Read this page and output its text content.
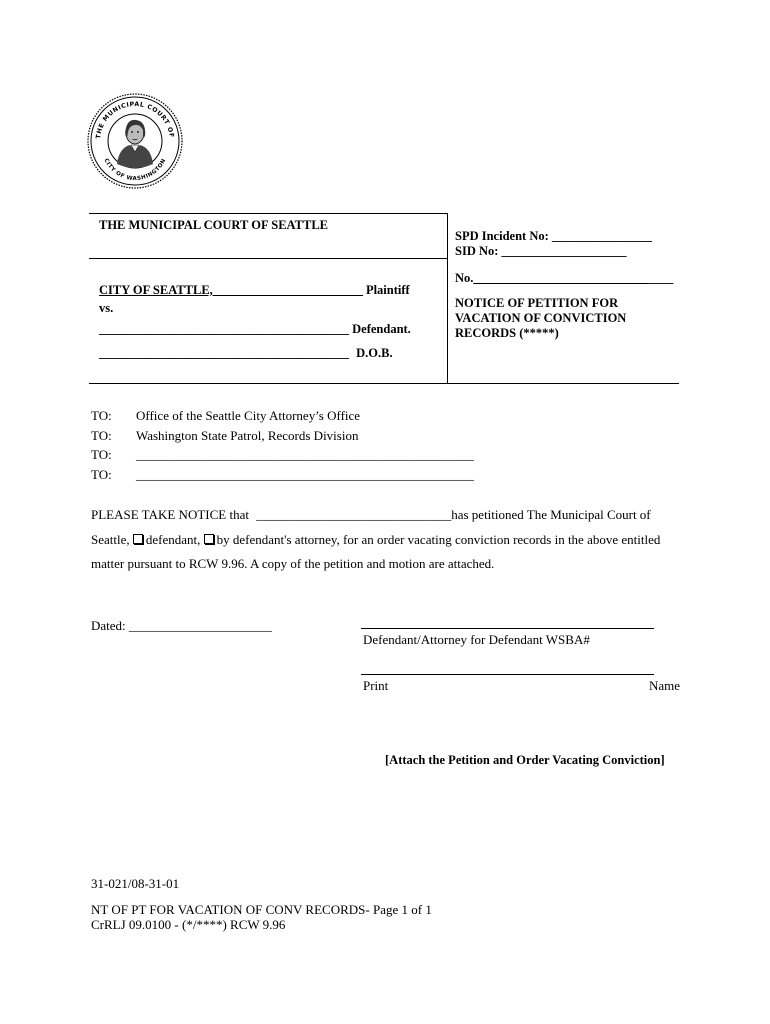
THE MUNICIPAL COURT OF
CITY OF WASHINGTON
THE MUNICIPAL COURT OF SEATTLE
CITY OF SEATTLE,________________________ Plaintiff
vs.
________________________________________ Defendant.
________________________________________ D.O.B.
SPD Incident No: ________________
SID No: ____________________
No.________________________________
NOTICE OF PETITION FOR
VACATION OF CONVICTION
RECORDS (*****)
TO: Office of the Seattle City Attorney’s Office
TO: Washington State Patrol, Records Division
TO: ____________________________________________________
TO: ____________________________________________________
PLEASE TAKE NOTICE that ______________________________has petitioned The Municipal Court of
Seattle, defendant, by defendant's attorney, for an order vacating conviction records in the above entitled
matter pursuant to RCW 9.96. A copy of the petition and motion are attached.
Dated: ______________________
Defendant/Attorney for Defendant WSBA#
Print	Name
[Attach the Petition and Order Vacating Conviction]
31-021/08-31-01
NT OF PT FOR VACATION OF CONV RECORDS- Page 1 of 1
CrRLJ 09.0100 - (*/****) RCW 9.96
